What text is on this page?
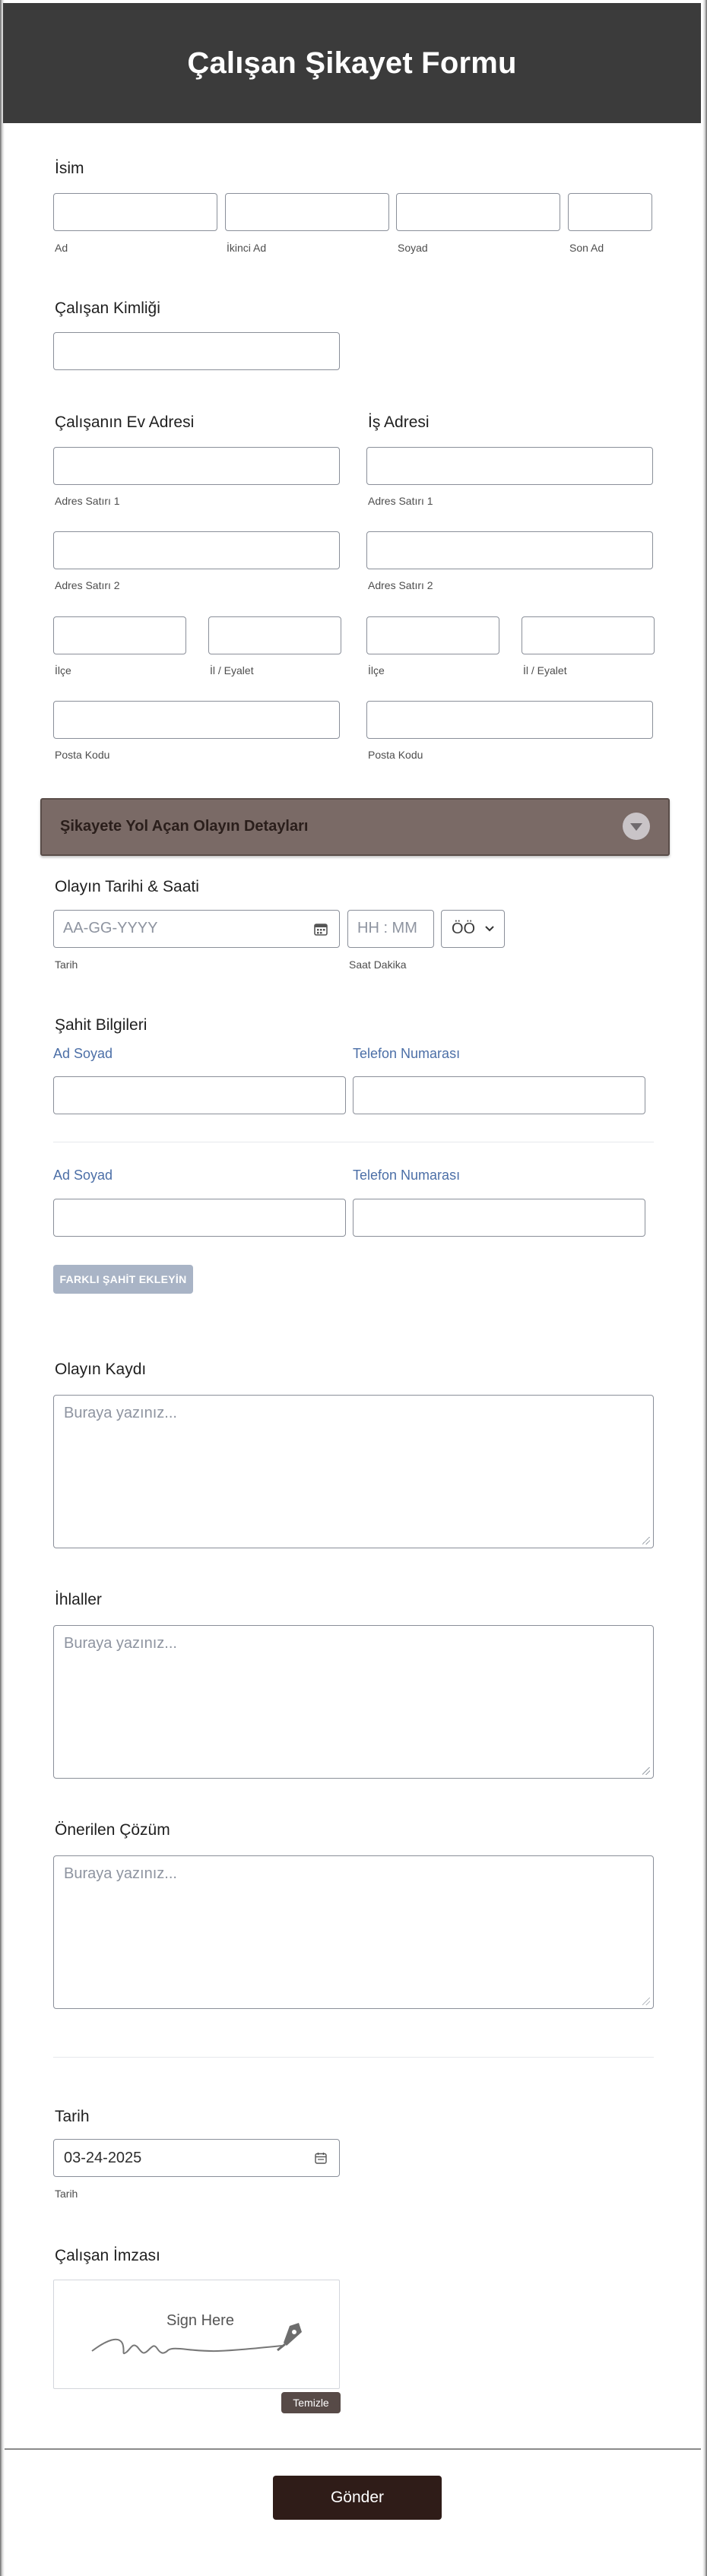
Çalışan Şikayet Formu
İsim
Ad	İkinci Ad	Soyad	Son Ad
Çalışan Kimliği
Çalışanın Ev Adresi	İş Adresi
Adres Satırı 1	Adres Satırı 1
Adres Satırı 2	Adres Satırı 2
İlçe	İl / Eyalet	İlçe	İl / Eyalet
Posta Kodu	Posta Kodu
Şikayete Yol Açan Olayın Detayları
Olayın Tarihi & Saati
AA-GG-YYYY	HH : MM ÖÖ
Tarih	Saat Dakika
Şahit Bilgileri
Ad Soyad	Telefon Numarası
Ad Soyad	Telefon Numarası
FARKLI ŞAHİT EKLEYİN
Olayın Kaydı
Buraya yazınız...
İhlaller
Buraya yazınız...
Önerilen Çözüm
Buraya yazınız...
Tarih
03-24-2025
Tarih
Çalışan İmzası
Sign Here
Temizle
Gönder
